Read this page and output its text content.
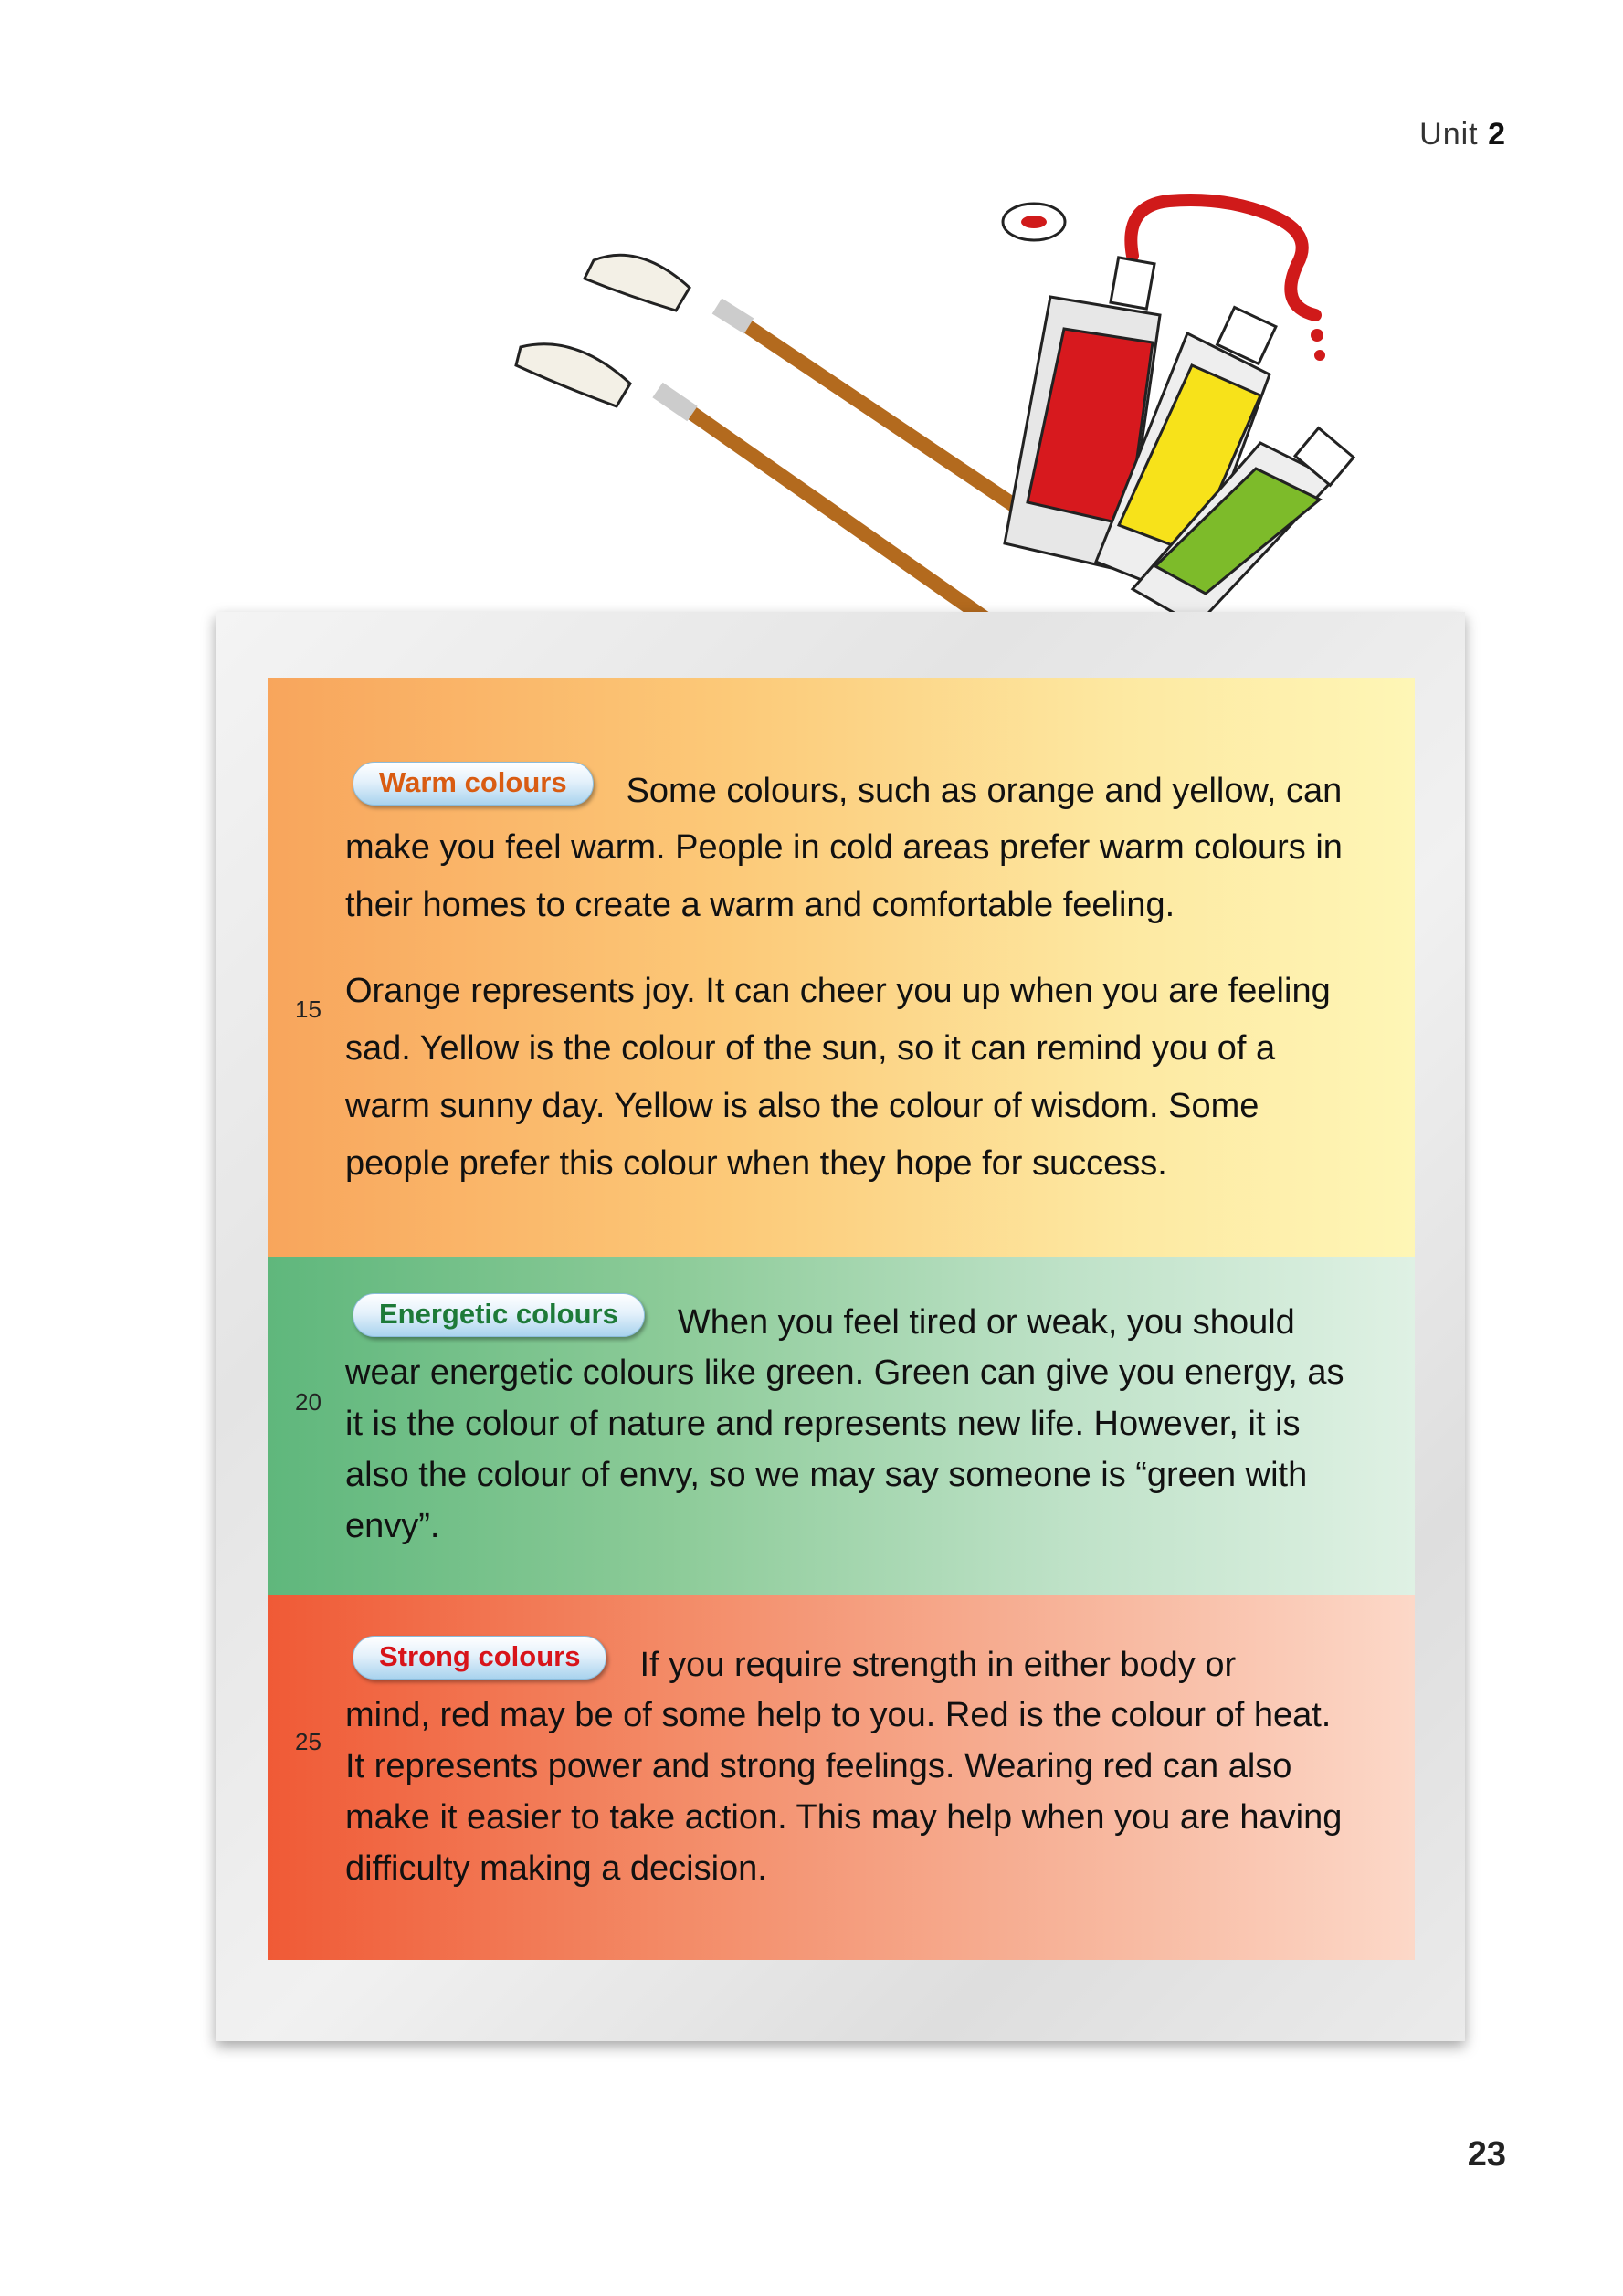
Unit 2
Warm colours Some colours, such as orange and yellow, can
make you feel warm. People in cold areas prefer warm colours in
their homes to create a warm and comfortable feeling.
15 Orange represents joy. It can cheer you up when you are feeling
sad. Yellow is the colour of the sun, so it can remind you of a
warm sunny day. Yellow is also the colour of wisdom. Some
people prefer this colour when they hope for success.
Energetic colours When you feel tired or weak, you should
wear energetic colours like green. Green can give you energy, as
it is the colour of nature and represents new life. However, it is
also the colour of envy, so we may say someone is “green with
envy”.
20
Strong colours If you require strength in either body or
mind, red may be of some help to you. Red is the colour of heat.
It represents power and strong feelings. Wearing red can also
make it easier to take action. This may help when you are having
difficulty making a decision.
25
23
